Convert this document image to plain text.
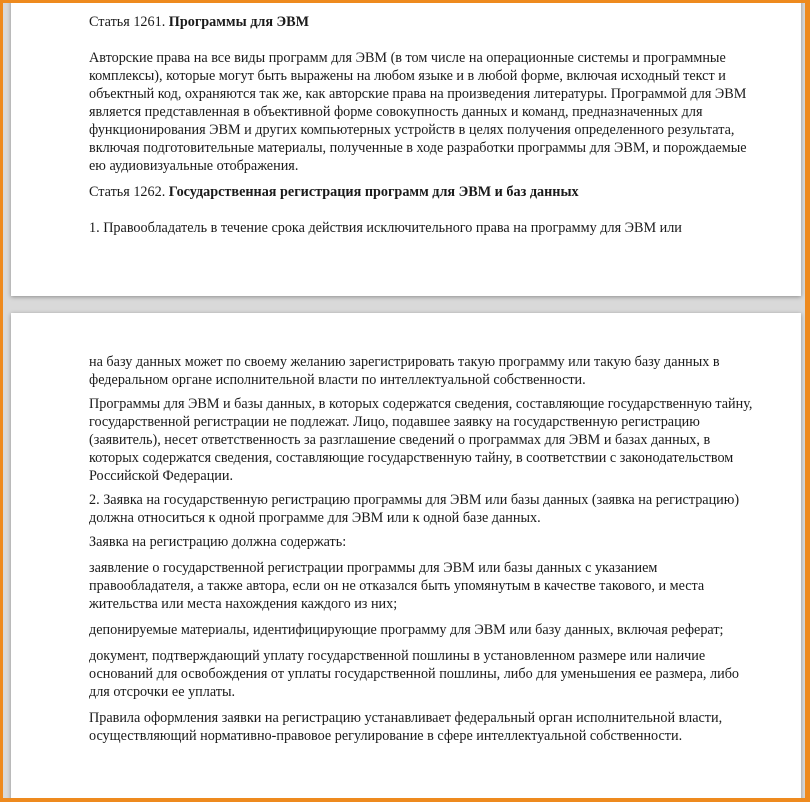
Статья 1261. Программы для ЭВМ

Авторские права на все виды программ для ЭВМ (в том числе на операционные системы и программные комплексы), которые могут быть выражены на любом языке и в любой форме, включая исходный текст и объектный код, охраняются так же, как авторские права на произведения литературы. Программой для ЭВМ является представленная в объективной форме совокупность данных и команд, предназначенных для функционирования ЭВМ и других компьютерных устройств в целях получения определенного результата, включая подготовительные материалы, полученные в ходе разработки программы для ЭВМ, и порождаемые ею аудиовизуальные отображения.

Статья 1262. Государственная регистрация программ для ЭВМ и баз данных

1. Правообладатель в течение срока действия исключительного права на программу для ЭВМ или

на базу данных может по своему желанию зарегистрировать такую программу или такую базу данных в федеральном органе исполнительной власти по интеллектуальной собственности.

Программы для ЭВМ и базы данных, в которых содержатся сведения, составляющие государственную тайну, государственной регистрации не подлежат. Лицо, подавшее заявку на государственную регистрацию (заявитель), несет ответственность за разглашение сведений о программах для ЭВМ и базах данных, в которых содержатся сведения, составляющие государственную тайну, в соответствии с законодательством Российской Федерации.

2. Заявка на государственную регистрацию программы для ЭВМ или базы данных (заявка на регистрацию) должна относиться к одной программе для ЭВМ или к одной базе данных.

Заявка на регистрацию должна содержать:

заявление о государственной регистрации программы для ЭВМ или базы данных с указанием правообладателя, а также автора, если он не отказался быть упомянутым в качестве такового, и места жительства или места нахождения каждого из них;

депонируемые материалы, идентифицирующие программу для ЭВМ или базу данных, включая реферат;

документ, подтверждающий уплату государственной пошлины в установленном размере или наличие оснований для освобождения от уплаты государственной пошлины, либо для уменьшения ее размера, либо для отсрочки ее уплаты.

Правила оформления заявки на регистрацию устанавливает федеральный орган исполнительной власти, осуществляющий нормативно-правовое регулирование в сфере интеллектуальной собственности.
